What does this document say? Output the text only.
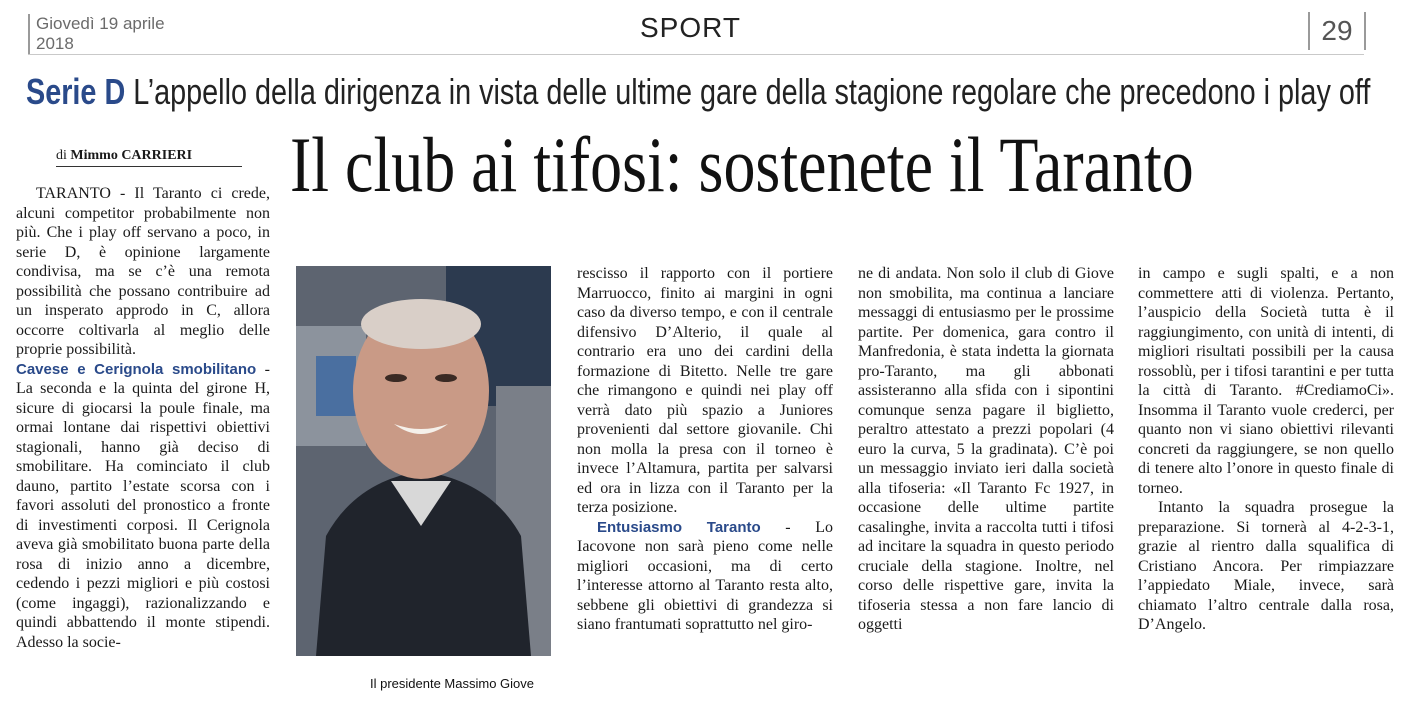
Giovedì 19 aprile
2018
SPORT	29
Serie D L’appello della dirigenza in vista delle ultime gare della stagione regolare che precedono i play off
di Mimmo CARRIERI	Il club ai tifosi: sostenete il Taranto

TARANTO - Il Taranto ci crede, alcuni competitor probabilmente non più. Che i play off servano a poco, in serie D, è opinione largamente condivisa, ma se c’è una remota possibilità che possano contribuire ad un insperato approdo in C, allora occorre coltivarla al meglio delle proprie possibilità.

Cavese e Cerignola smobilitano - La seconda e la quinta del girone H, sicure di giocarsi la poule finale, ma ormai lontane dai rispettivi obiettivi stagionali, hanno già deciso di smobilitare. Ha cominciato il club dauno, partito l’estate scorsa con i favori assoluti del pronostico a fronte di investimenti corposi. Il Cerignola aveva già smobilitato buona parte della rosa di inizio anno a dicembre, cedendo i pezzi migliori e più costosi (come ingaggi), razionalizzando e quindi abbattendo il monte stipendi. Adesso la socie-

Il presidente Massimo Giove

rescisso il rapporto con il portiere Marruocco, finito ai margini in ogni caso da diverso tempo, e con il centrale difensivo D’Alterio, il quale al contrario era uno dei cardini della formazione di Bitetto. Nelle tre gare che rimangono e quindi nei play off verrà dato più spazio a Juniores provenienti dal settore giovanile. Chi non molla la presa con il torneo è invece l’Altamura, partita per salvarsi ed ora in lizza con il Taranto per la terza posizione.

Entusiasmo Taranto - Lo Iacovone non sarà pieno come nelle migliori occasioni, ma di certo l’interesse attorno al Taranto resta alto, sebbene gli obiettivi di grandezza si siano frantumati soprattutto nel giro-

ne di andata. Non solo il club di Giove non smobilita, ma continua a lanciare messaggi di entusiasmo per le prossime partite. Per domenica, gara contro il Manfredonia, è stata indetta la giornata pro-Taranto, ma gli abbonati assisteranno alla sfida con i sipontini comunque senza pagare il biglietto, peraltro attestato a prezzi popolari (4 euro la curva, 5 la gradinata). C’è poi un messaggio inviato ieri dalla società alla tifoseria: «Il Taranto Fc 1927, in occasione delle ultime partite casalinghe, invita a raccolta tutti i tifosi ad incitare la squadra in questo periodo cruciale della stagione. Inoltre, nel corso delle rispettive gare, invita la tifoseria stessa a non fare lancio di oggetti

in campo e sugli spalti, e a non commettere atti di violenza. Pertanto, l’auspicio della Società tutta è il raggiungimento, con unità di intenti, di migliori risultati possibili per la causa rossoblù, per i tifosi tarantini e per tutta la città di Taranto. #CrediamoCi». Insomma il Taranto vuole crederci, per quanto non vi siano obiettivi rilevanti concreti da raggiungere, se non quello di tenere alto l’onore in questo finale di torneo.

Intanto la squadra prosegue la preparazione. Si tornerà al 4-2-3-1, grazie al rientro dalla squalifica di Cristiano Ancora. Per rimpiazzare l’appiedato Miale, invece, sarà chiamato l’altro centrale dalla rosa, D’Angelo.
